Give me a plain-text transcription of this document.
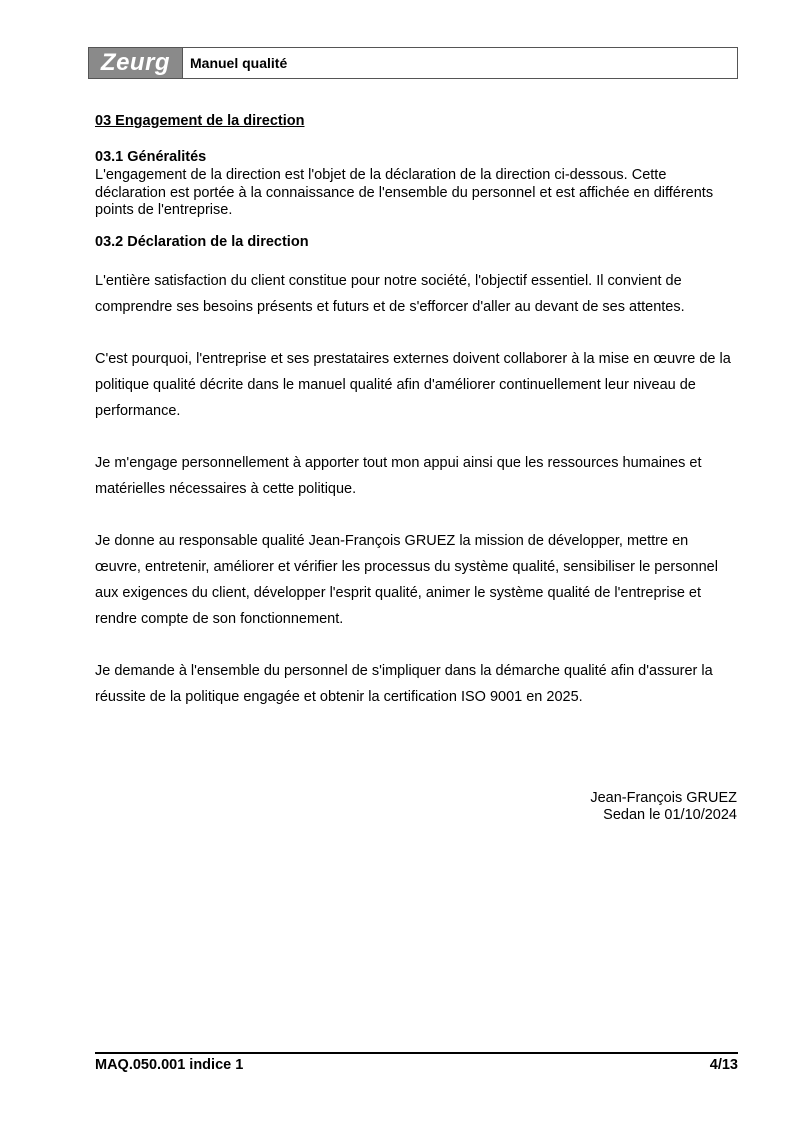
Zeurg	Manuel qualité
03 Engagement de la direction
03.1 Généralités
L'engagement de la direction est l'objet de la déclaration de la direction ci-dessous. Cette déclaration est portée à la connaissance de l'ensemble du personnel et est affichée en différents points de l'entreprise.
03.2 Déclaration de la direction
L'entière satisfaction du client constitue pour notre société, l'objectif essentiel. Il convient de comprendre ses besoins présents et futurs et de s'efforcer d'aller au devant de ses attentes.
C'est pourquoi, l'entreprise et ses prestataires externes doivent collaborer à la mise en œuvre de la politique qualité décrite dans le manuel qualité afin d'améliorer continuellement leur niveau de performance.
Je m'engage personnellement à apporter tout mon appui ainsi que les ressources humaines et matérielles nécessaires à cette politique.
Je donne au responsable qualité Jean-François GRUEZ la mission de développer, mettre en œuvre, entretenir, améliorer et vérifier les processus du système qualité, sensibiliser le personnel aux exigences du client, développer l'esprit qualité, animer le système qualité de l'entreprise et rendre compte de son fonctionnement.
Je demande à l'ensemble du personnel de s'impliquer dans la démarche qualité afin d'assurer la réussite de la politique engagée et obtenir la certification ISO 9001 en 2025.
Jean-François GRUEZ
Sedan le 01/10/2024
MAQ.050.001 indice 1	4/13
